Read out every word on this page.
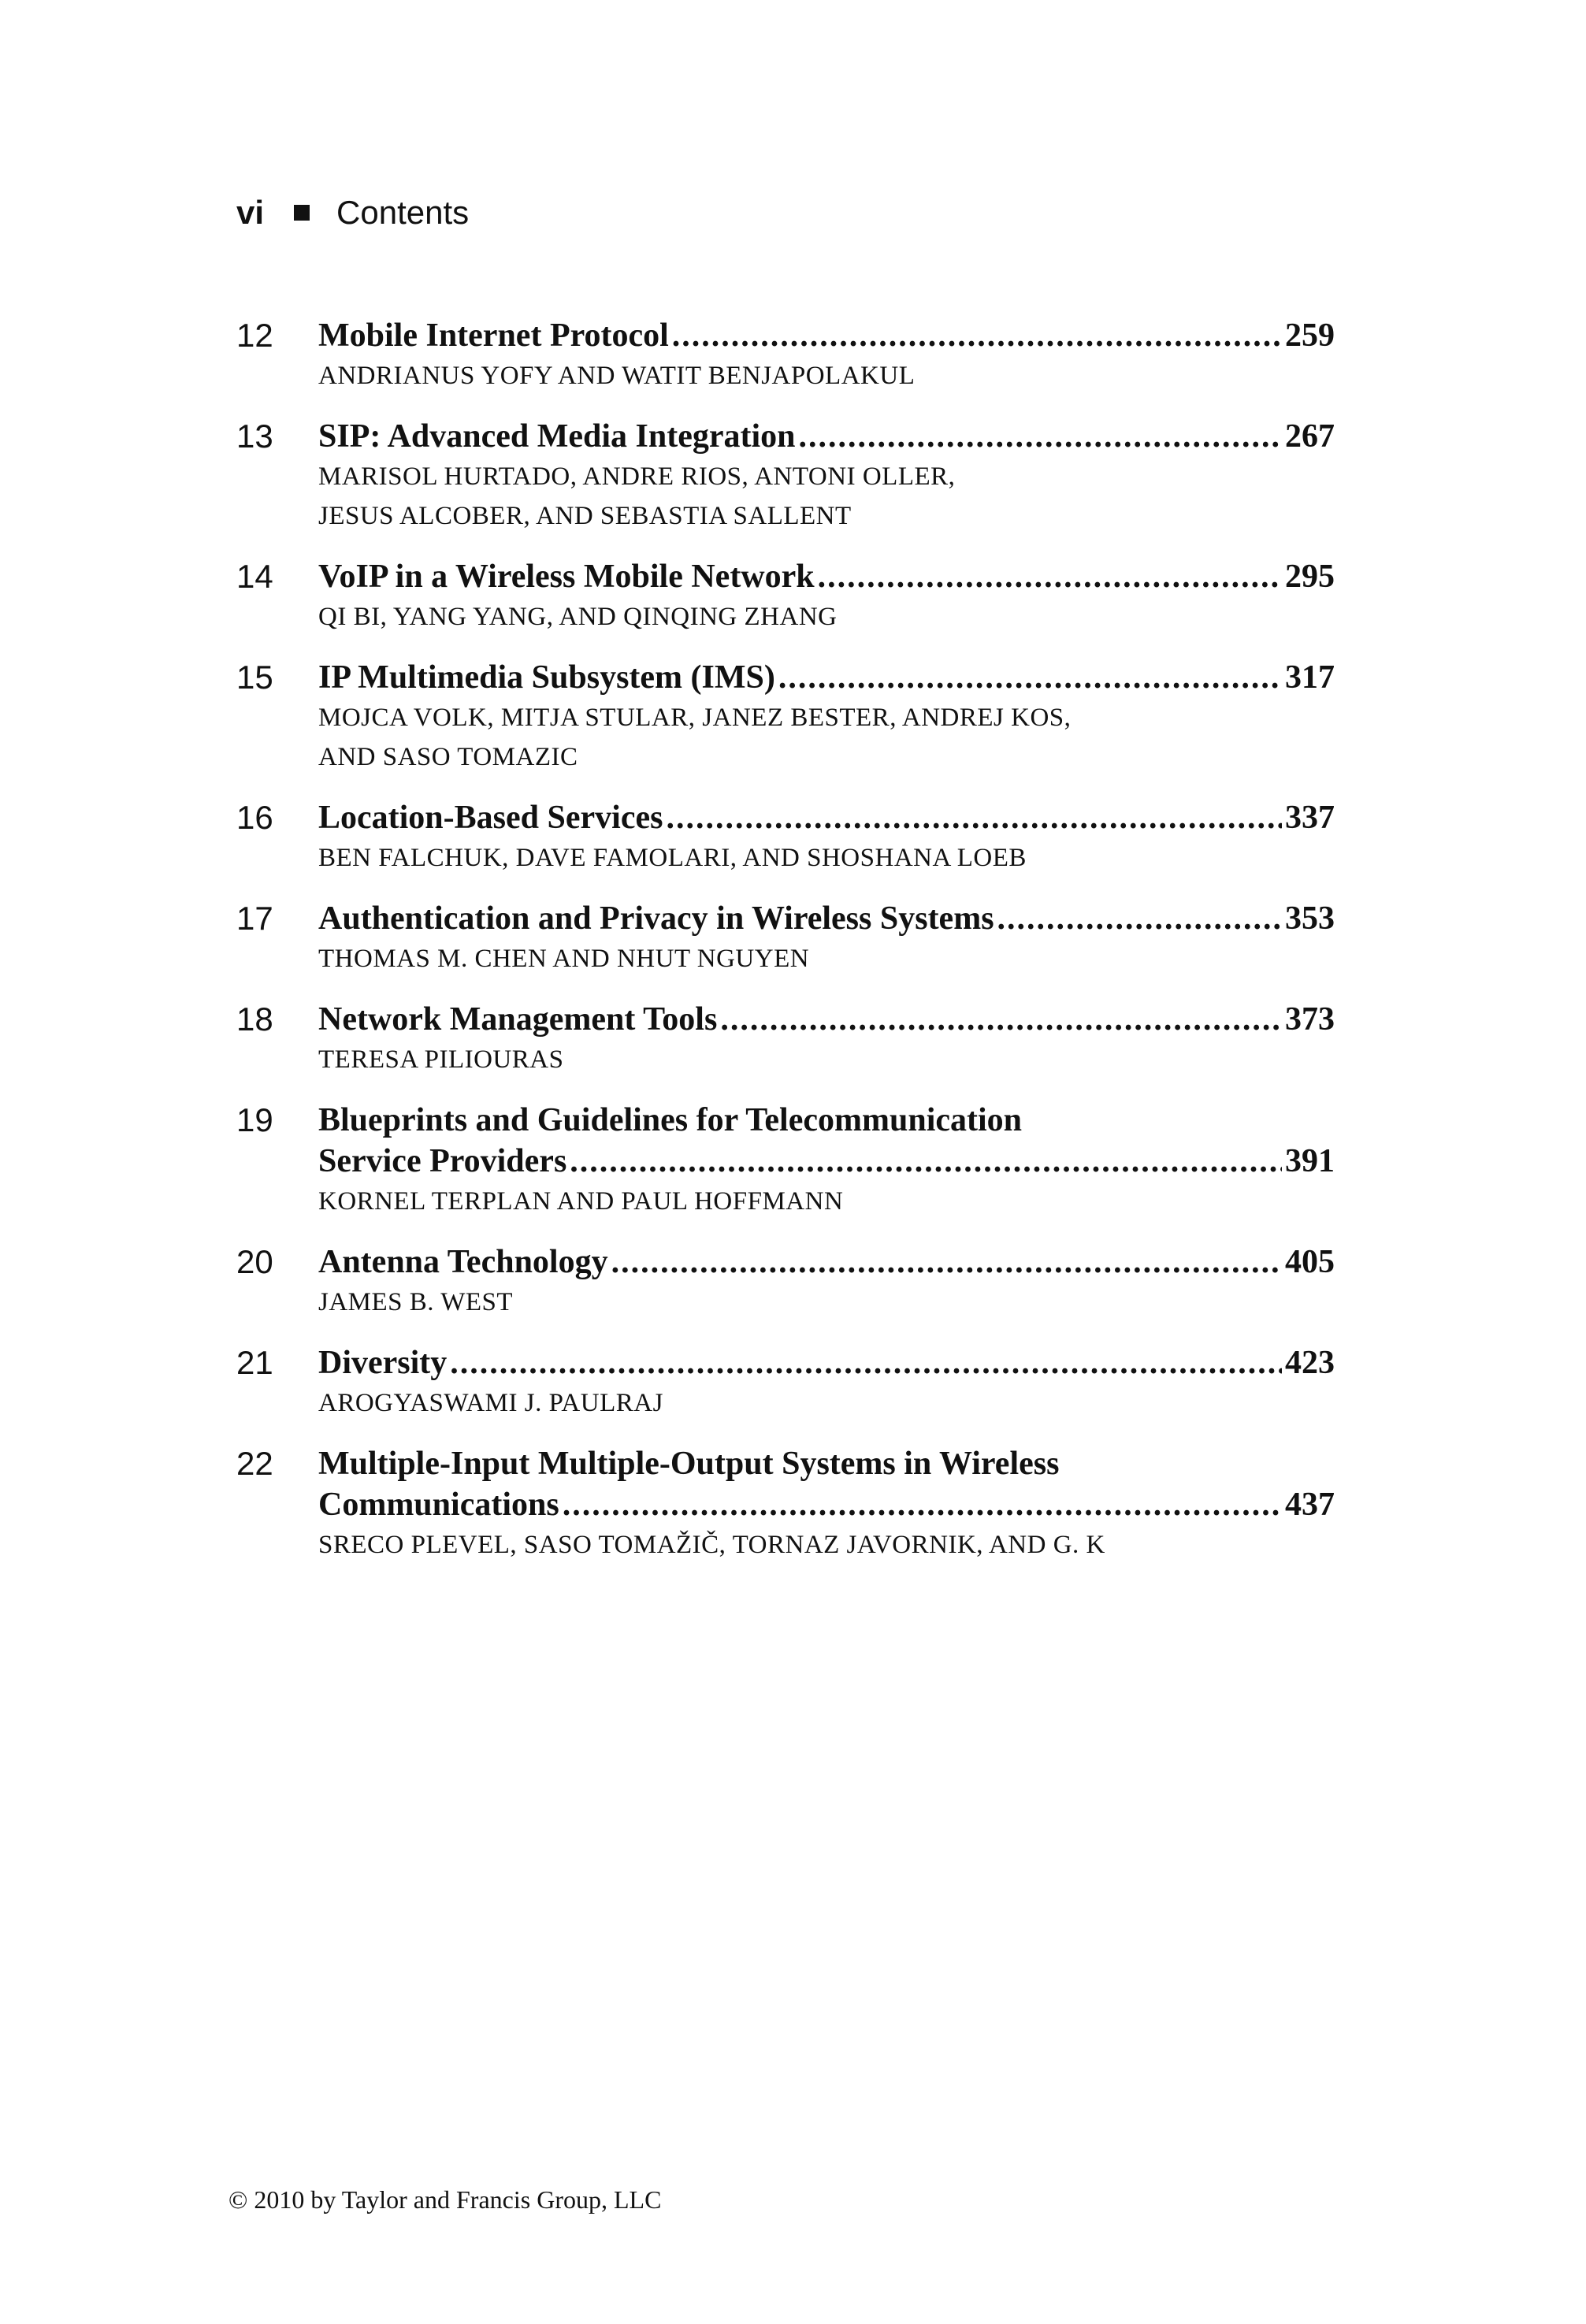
vi Contents
12 Mobile Internet Protocol .....	259
ANDRIANUS YOFY AND WATIT BENJAPOLAKUL
13 SIP: Advanced Media Integration .....	267
MARISOL HURTADO, ANDRE RIOS, ANTONI OLLER,
JESUS ALCOBER, AND SEBASTIA SALLENT
14 VoIP in a Wireless Mobile Network .....	295
QI BI, YANG YANG, AND QINQING ZHANG
15 IP Multimedia Subsystem (IMS) .....	317
MOJCA VOLK, MITJA STULAR, JANEZ BESTER, ANDREJ KOS,
AND SASO TOMAZIC
16 Location-Based Services .....	337
BEN FALCHUK, DAVE FAMOLARI, AND SHOSHANA LOEB
17 Authentication and Privacy in Wireless Systems .....	353
THOMAS M. CHEN AND NHUT NGUYEN
18 Network Management Tools .....	373
TERESA PILIOURAS
19 Blueprints and Guidelines for Telecommunication
Service Providers .....	391
KORNEL TERPLAN AND PAUL HOFFMANN
20 Antenna Technology .....	405
JAMES B. WEST
21 Diversity .....	423
AROGYASWAMI J. PAULRAJ
22 Multiple-Input Multiple-Output Systems in Wireless
Communications .....	437
SRECO PLEVEL, SASO TOMAŽIČ, TORNAZ JAVORNIK, AND G. K
© 2010 by Taylor and Francis Group, LLC
